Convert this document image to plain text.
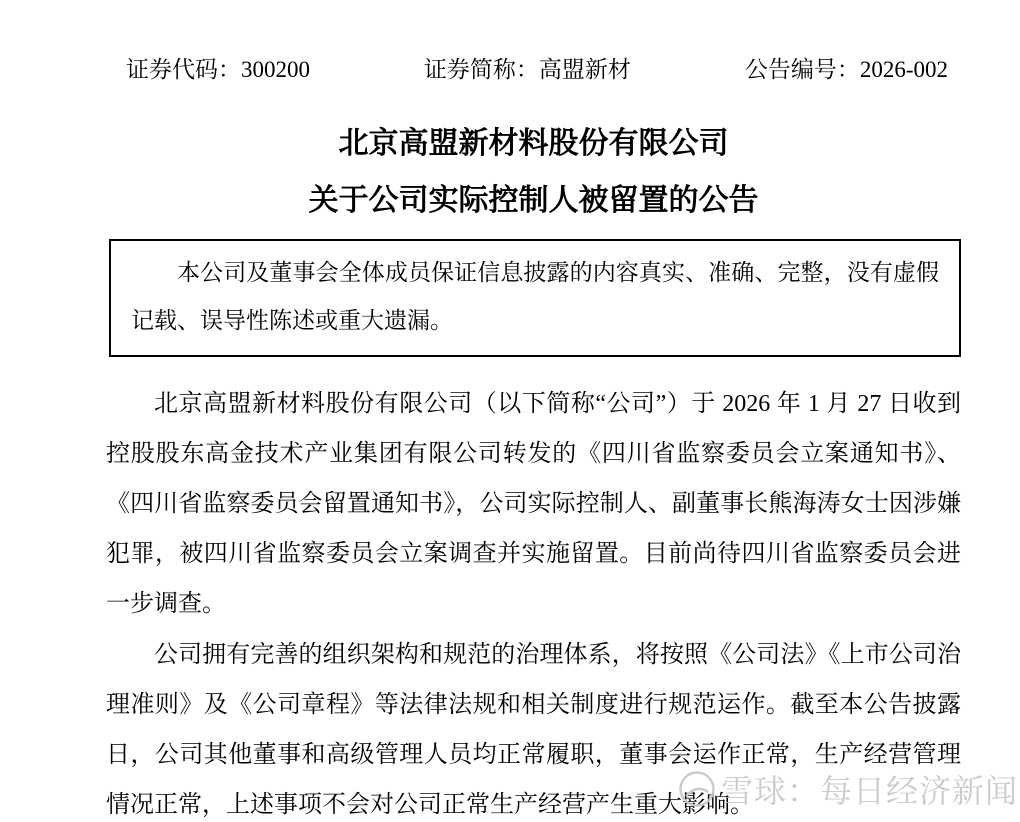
证券代码：300200	证券简称：高盟新材	公告编号：2026-002
北京高盟新材料股份有限公司
关于公司实际控制人被留置的公告

本公司及董事会全体成员保证信息披露的内容真实、准确、完整，没有虚假记载、误导性陈述或重大遗漏。

北京高盟新材料股份有限公司（以下简称“公司”）于 2026 年 1 月 27 日收到控股股东高金技术产业集团有限公司转发的《四川省监察委员会立案通知书》、《四川省监察委员会留置通知书》，公司实际控制人、副董事长熊海涛女士因涉嫌犯罪，被四川省监察委员会立案调查并实施留置。目前尚待四川省监察委员会进一步调查。

公司拥有完善的组织架构和规范的治理体系，将按照《公司法》《上市公司治理准则》及《公司章程》等法律法规和相关制度进行规范运作。截至本公告披露日，公司其他董事和高级管理人员均正常履职，董事会运作正常，生产经营管理情况正常，上述事项不会对公司正常生产经营产生重大影响。

雪球：每日经济新闻
